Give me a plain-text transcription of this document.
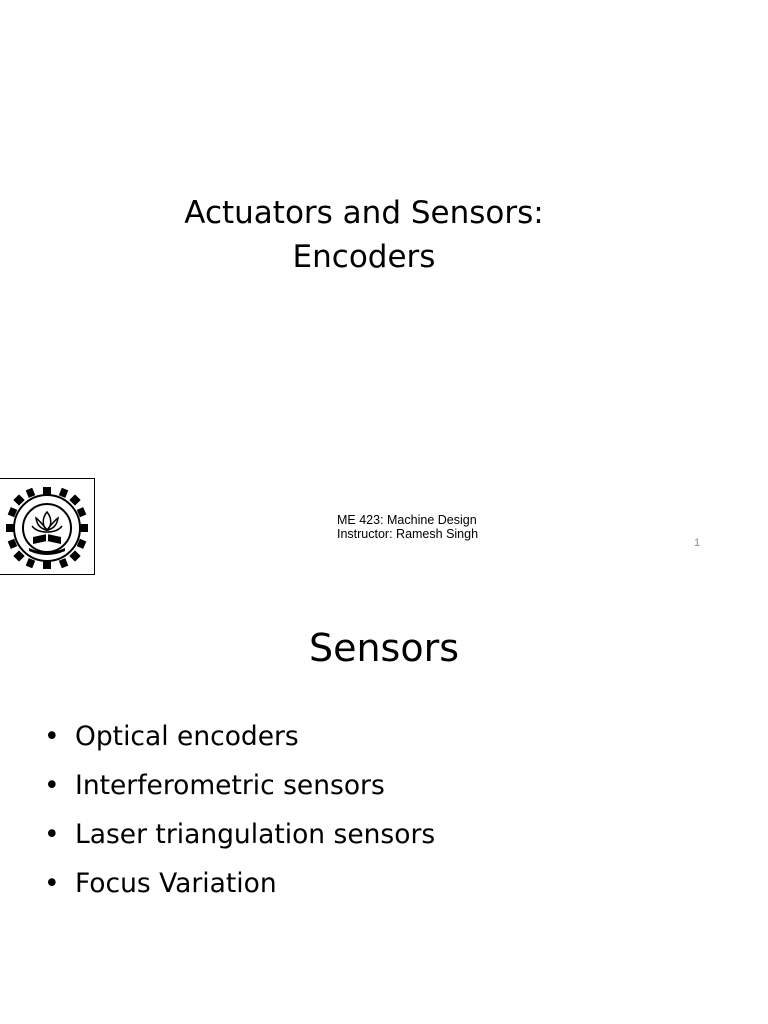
Actuators and Sensors:
Encoders
ME 423: Machine Design
Instructor: Ramesh Singh
1
Sensors
• Optical encoders
• Interferometric sensors
• Laser triangulation sensors
• Focus Variation
